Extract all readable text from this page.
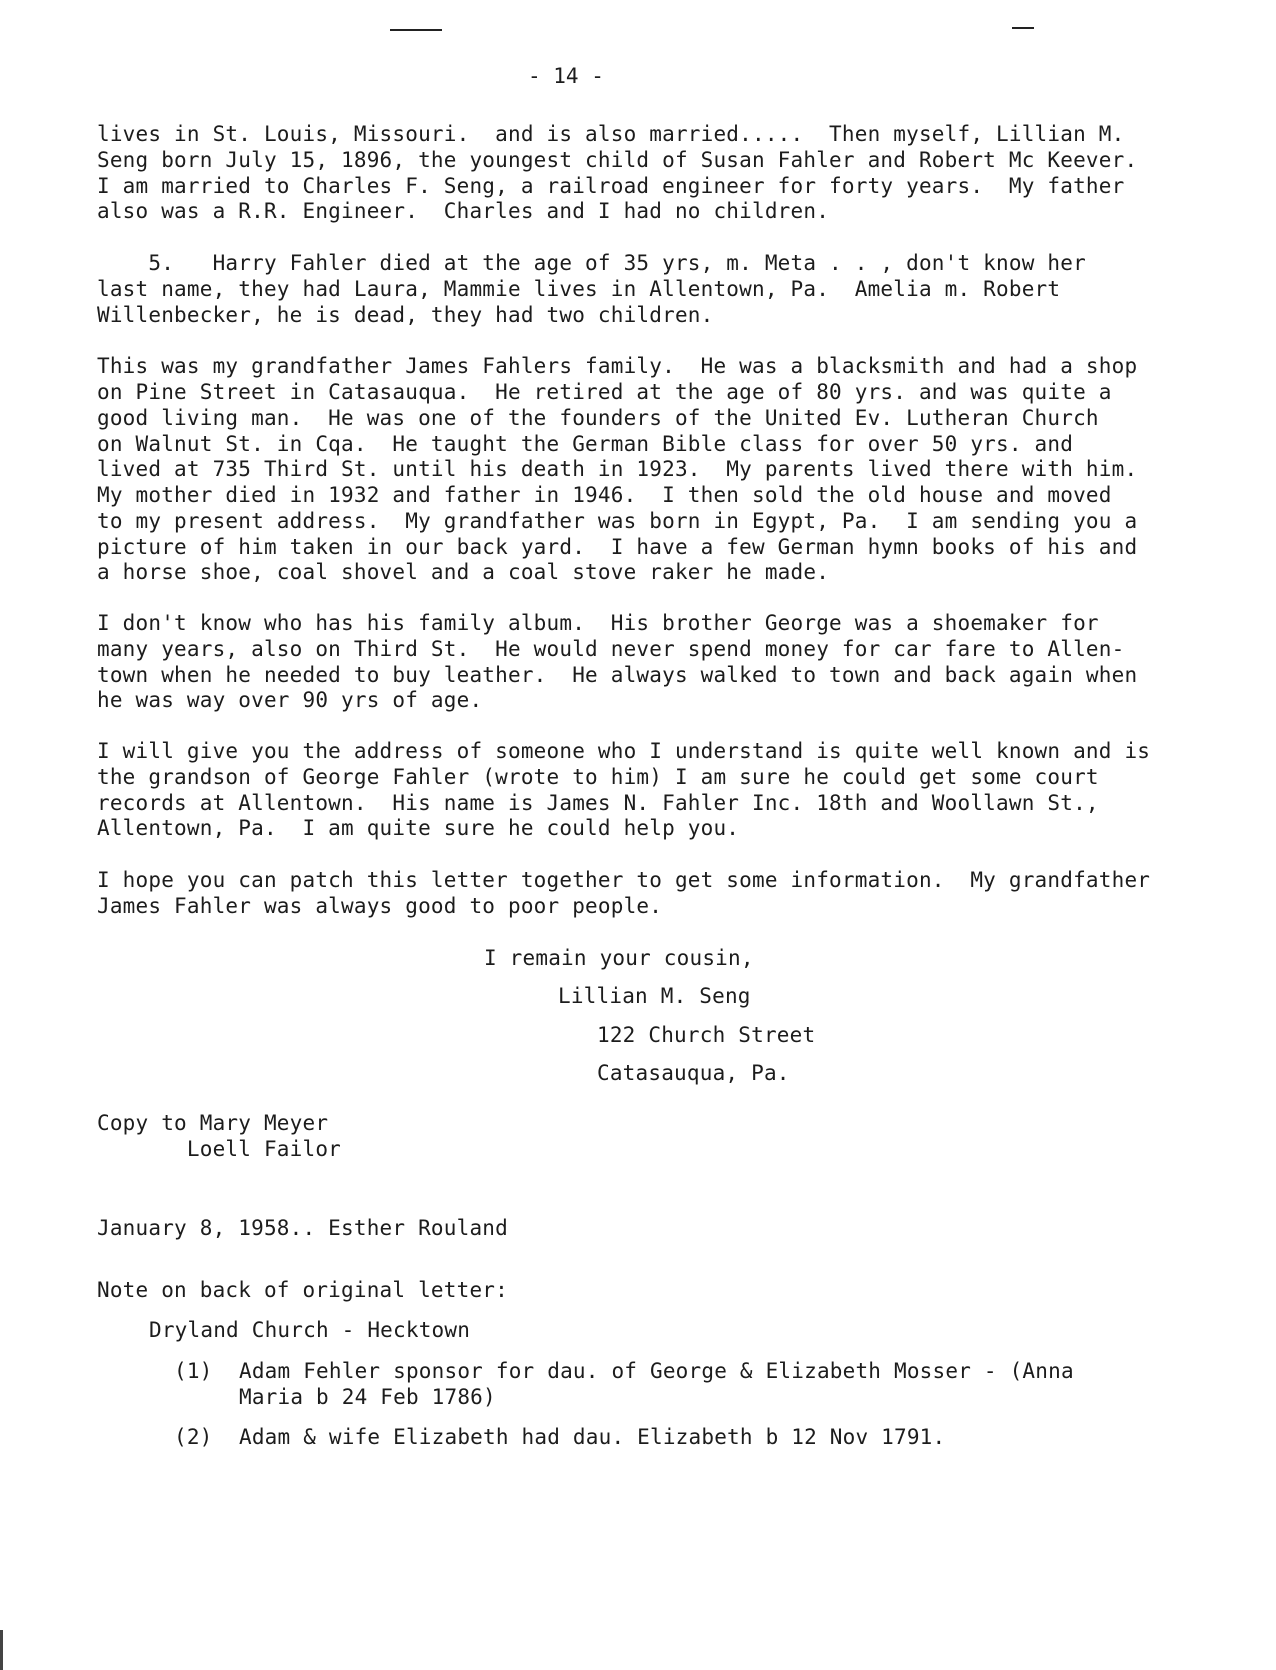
- 14 -
lives in St. Louis, Missouri.  and is also married.....  Then myself, Lillian M.
Seng born July 15, 1896, the youngest child of Susan Fahler and Robert Mc Keever.
I am married to Charles F. Seng, a railroad engineer for forty years.  My father
also was a R.R. Engineer.  Charles and I had no children.
5.   Harry Fahler died at the age of 35 yrs, m. Meta . . , don't know her
last name, they had Laura, Mammie lives in Allentown, Pa.  Amelia m. Robert
Willenbecker, he is dead, they had two children.
This was my grandfather James Fahlers family.  He was a blacksmith and had a shop
on Pine Street in Catasauqua.  He retired at the age of 80 yrs. and was quite a
good living man.  He was one of the founders of the United Ev. Lutheran Church
on Walnut St. in Cqa.  He taught the German Bible class for over 50 yrs. and
lived at 735 Third St. until his death in 1923.  My parents lived there with him.
My mother died in 1932 and father in 1946.  I then sold the old house and moved
to my present address.  My grandfather was born in Egypt, Pa.  I am sending you a
picture of him taken in our back yard.  I have a few German hymn books of his and
a horse shoe, coal shovel and a coal stove raker he made.
I don't know who has his family album.  His brother George was a shoemaker for
many years, also on Third St.  He would never spend money for car fare to Allen-
town when he needed to buy leather.  He always walked to town and back again when
he was way over 90 yrs of age.
I will give you the address of someone who I understand is quite well known and is
the grandson of George Fahler (wrote to him) I am sure he could get some court
records at Allentown.  His name is James N. Fahler Inc. 18th and Woollawn St.,
Allentown, Pa.  I am quite sure he could help you.
I hope you can patch this letter together to get some information.  My grandfather
James Fahler was always good to poor people.
I remain your cousin,
Lillian M. Seng
122 Church Street
Catasauqua, Pa.
Copy to Mary Meyer
Loell Failor
January 8, 1958.. Esther Rouland
Note on back of original letter:
Dryland Church - Hecktown
(1) Adam Fehler sponsor for dau. of George & Elizabeth Mosser - (Anna
Maria b 24 Feb 1786)
(2) Adam & wife Elizabeth had dau. Elizabeth b 12 Nov 1791.
